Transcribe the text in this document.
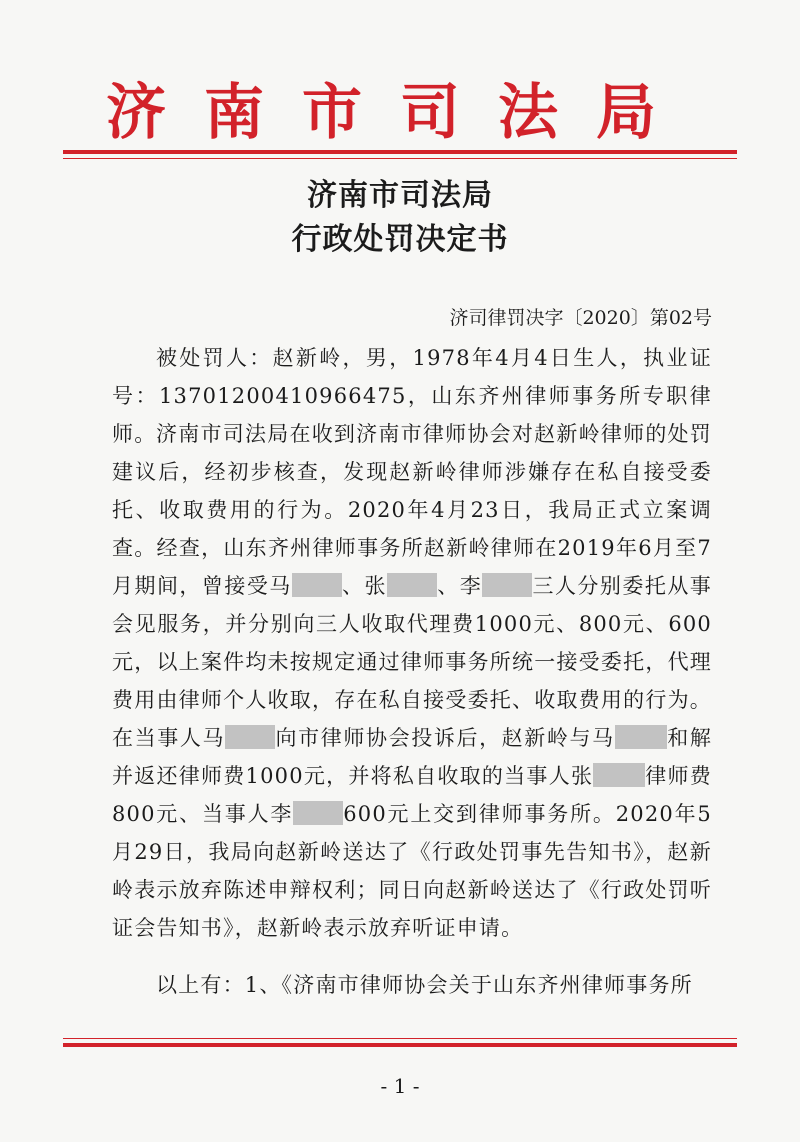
济南市司法局
济南市司法局
行政处罚决定书
济司律罚决字〔2020〕第02号
被处罚人：赵新岭，男，1978年4月4日生人，执业证号：13701200410966475，山东齐州律师事务所专职律师。 济南市司法局在收到济南市律师协会对赵新岭律师的处罚建议后，经初步核查，发现赵新岭律师涉嫌存在私自接受委托、收取费用的行为。2020年4月23日，我局正式立案调查。经查，山东齐州律师事务所赵新岭律师在2019年6月至7月期间，曾接受马 、张 、李 三人分别委托从事会见服务，并分别向三人收取代理费1000元、800元、600元，以上案件均未按规定通过律师事务所统一接受委托，代理费用由律师个人收取，存在私自接受委托、收取费用的行为。在当事人马 向市律师协会投诉后，赵新岭与马 和解并返还律师费1000元，并将私自收取的当事人张 律师费800元、当事人李 600元上交到律师事务所。2020年5月29日，我局向赵新岭送达了《行政处罚事先告知书》，赵新岭表示放弃陈述申辩权利；同日向赵新岭送达了《行政处罚听证会告知书》，赵新岭表示放弃听证申请。
以上有：1、《济南市律师协会关于山东齐州律师事务所
- 1 -
